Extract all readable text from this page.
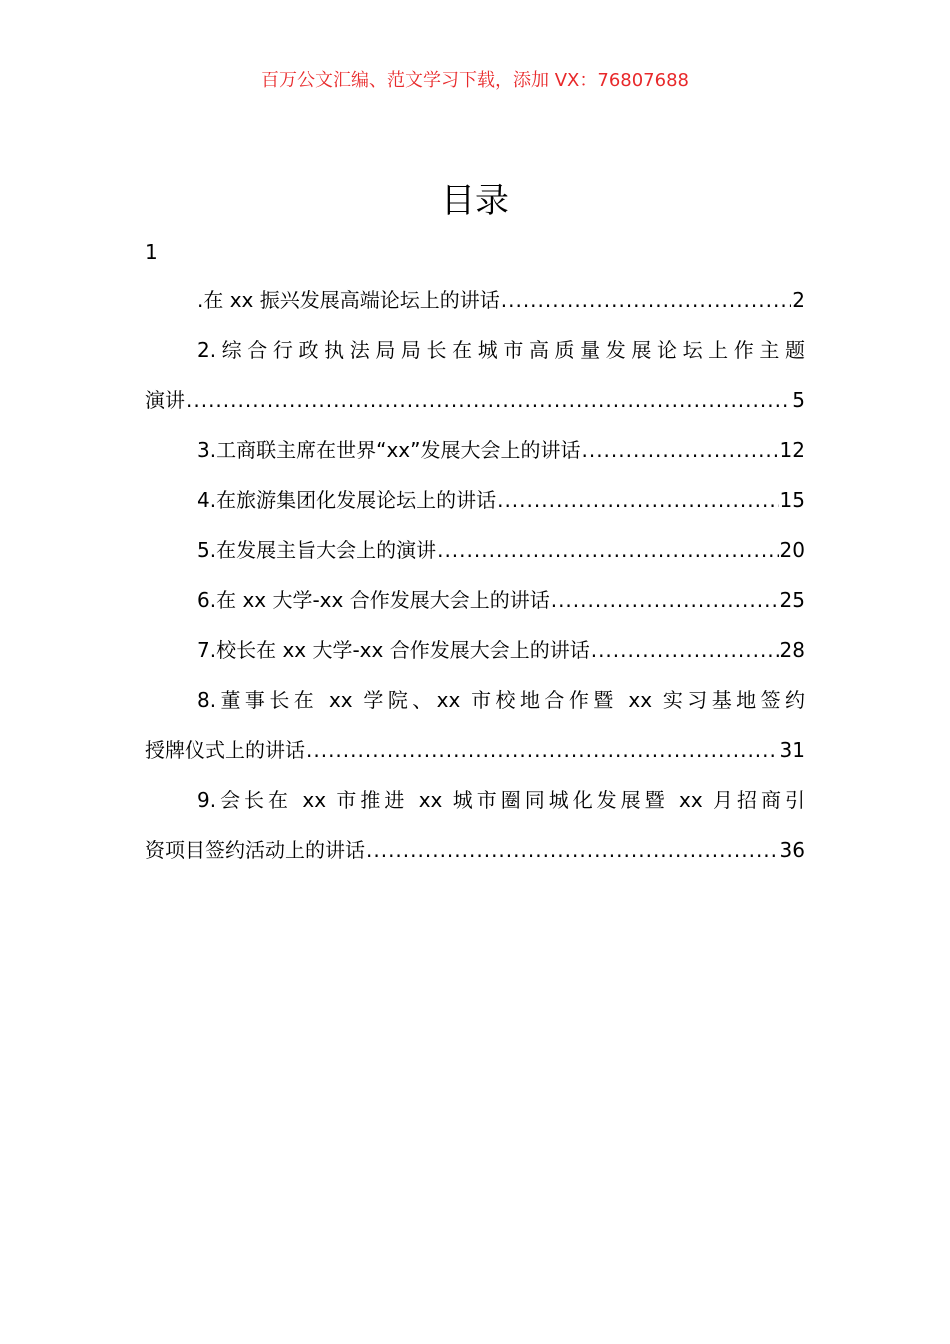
百万公文汇编、范文学习下载，添加 VX：76807688
目录
1
.在 xx 振兴发展高端论坛上的讲话 .....	2
2.综合行政执法局局长在城市高质量发展论坛上作主题
演讲 .....	5
3.工商联主席在世界“xx”发展大会上的讲话 .....	12
4.在旅游集团化发展论坛上的讲话 .....	15
5.在发展主旨大会上的演讲 .....	20
6.在 xx 大学-xx 合作发展大会上的讲话 .....	25
7.校长在 xx 大学-xx 合作发展大会上的讲话 .....	28
8.董事长在 xx 学院、xx 市校地合作暨 xx 实习基地签约
授牌仪式上的讲话 .....	31
9.会长在 xx 市推进 xx 城市圈同城化发展暨 xx 月招商引
资项目签约活动上的讲话 .....	36
